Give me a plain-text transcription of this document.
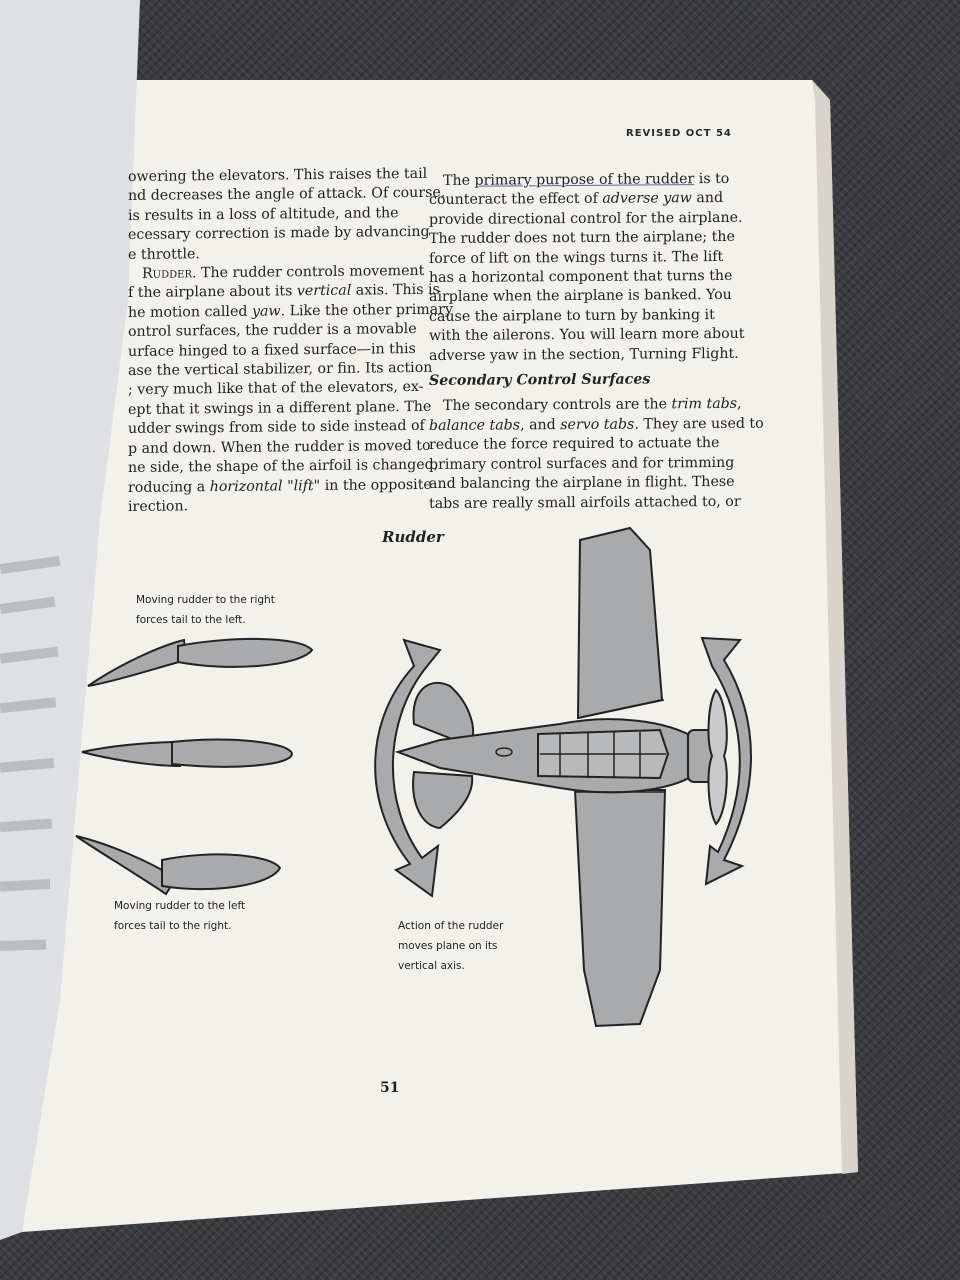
REVISED OCT 54

owering the elevators. This raises the tail
nd decreases the angle of attack. Of course,
is results in a loss of altitude, and the
ecessary correction is made by advancing
e throttle.

Rudder. The rudder controls movement
f the airplane about its vertical axis. This is
he motion called yaw. Like the other primary
ontrol surfaces, the rudder is a movable
urface hinged to a fixed surface—in this
ase the vertical stabilizer, or fin. Its action
; very much like that of the elevators, ex-
ept that it swings in a different plane. The
udder swings from side to side instead of
p and down. When the rudder is moved to
ne side, the shape of the airfoil is changed,
roducing a horizontal "lift" in the opposite
irection.

The primary purpose of the rudder is to
counteract the effect of adverse yaw and
provide directional control for the airplane.
The rudder does not turn the airplane; the
force of lift on the wings turns it. The lift
has a horizontal component that turns the
airplane when the airplane is banked. You
cause the airplane to turn by banking it
with the ailerons. You will learn more about
adverse yaw in the section, Turning Flight.

Secondary Control Surfaces

The secondary controls are the trim tabs,
balance tabs, and servo tabs. They are used to
reduce the force required to actuate the
primary control surfaces and for trimming
and balancing the airplane in flight. These
tabs are really small airfoils attached to, or

Rudder
Moving rudder to the right
forces tail to the left.
Moving rudder to the left
forces tail to the right.	Action of the rudder
moves plane on its
vertical axis.
51
